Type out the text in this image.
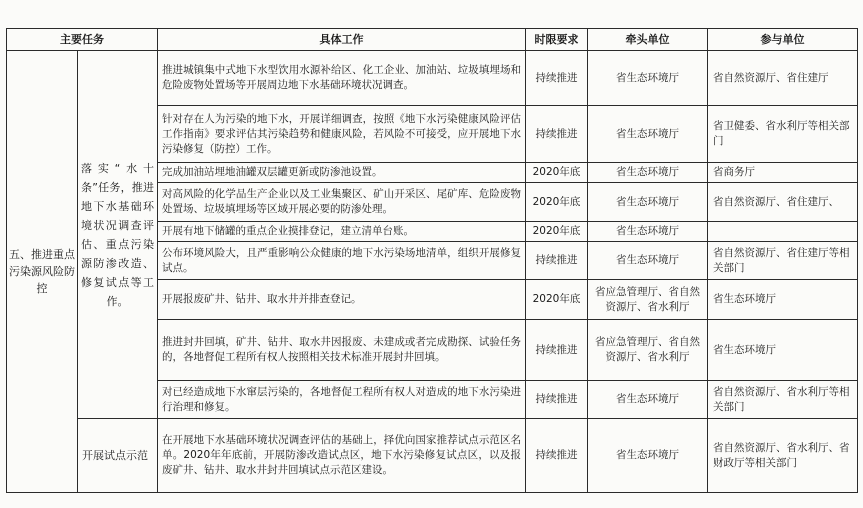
主要任务		具体工作	时限要求	牵头单位	参与单位
五、推进重点污染源风险防控	落实“水十条”任务，推进地下水基础环境状况调查评估、重点污染源防渗改造、修复试点等工作。	推进城镇集中式地下水型饮用水源补给区、化工企业、加油站、垃圾填埋场和危险废物处置场等开展周边地下水基础环境状况调查。	持续推进	省生态环境厅	省自然资源厅、省住建厅
		针对存在人为污染的地下水，开展详细调查，按照《地下水污染健康风险评估工作指南》要求评估其污染趋势和健康风险，若风险不可接受，应开展地下水污染修复（防控）工作。	持续推进	省生态环境厅	省卫健委、省水利厅等相关部门
		完成加油站埋地油罐双层罐更新或防渗池设置。	2020年底	省生态环境厅	省商务厅
		对高风险的化学品生产企业以及工业集聚区、矿山开采区、尾矿库、危险废物处置场、垃圾填埋场等区域开展必要的防渗处理。	2020年底	省生态环境厅	省自然资源厅、省住建厅、
		开展有地下储罐的重点企业摸排登记，建立清单台账。	2020年底	省生态环境厅	
		公布环境风险大，且严重影响公众健康的地下水污染场地清单，组织开展修复试点。	持续推进	省生态环境厅	省自然资源厅、省住建厅等相关部门
		开展报废矿井、钻井、取水井并排查登记。	2020年底	省应急管理厅、省自然资源厅、省水利厅	省生态环境厅
		推进封井回填，矿井、钻井、取水井因报废、未建成或者完成勘探、试验任务的，各地督促工程所有权人按照相关技术标准开展封井回填。	持续推进	省应急管理厅、省自然资源厅、省水利厅	省生态环境厅
		对已经造成地下水窜层污染的，各地督促工程所有权人对造成的地下水污染进行治理和修复。	持续推进	省生态环境厅	省自然资源厅、省水利厅等相关部门
	开展试点示范	在开展地下水基础环境状况调查评估的基础上，择优向国家推荐试点示范区名单。2020年年底前，开展防渗改造试点区，地下水污染修复试点区，以及报废矿井、钻井、取水井封井回填试点示范区建设。	持续推进	省生态环境厅	省自然资源厅、省水利厅、省财政厅等相关部门
